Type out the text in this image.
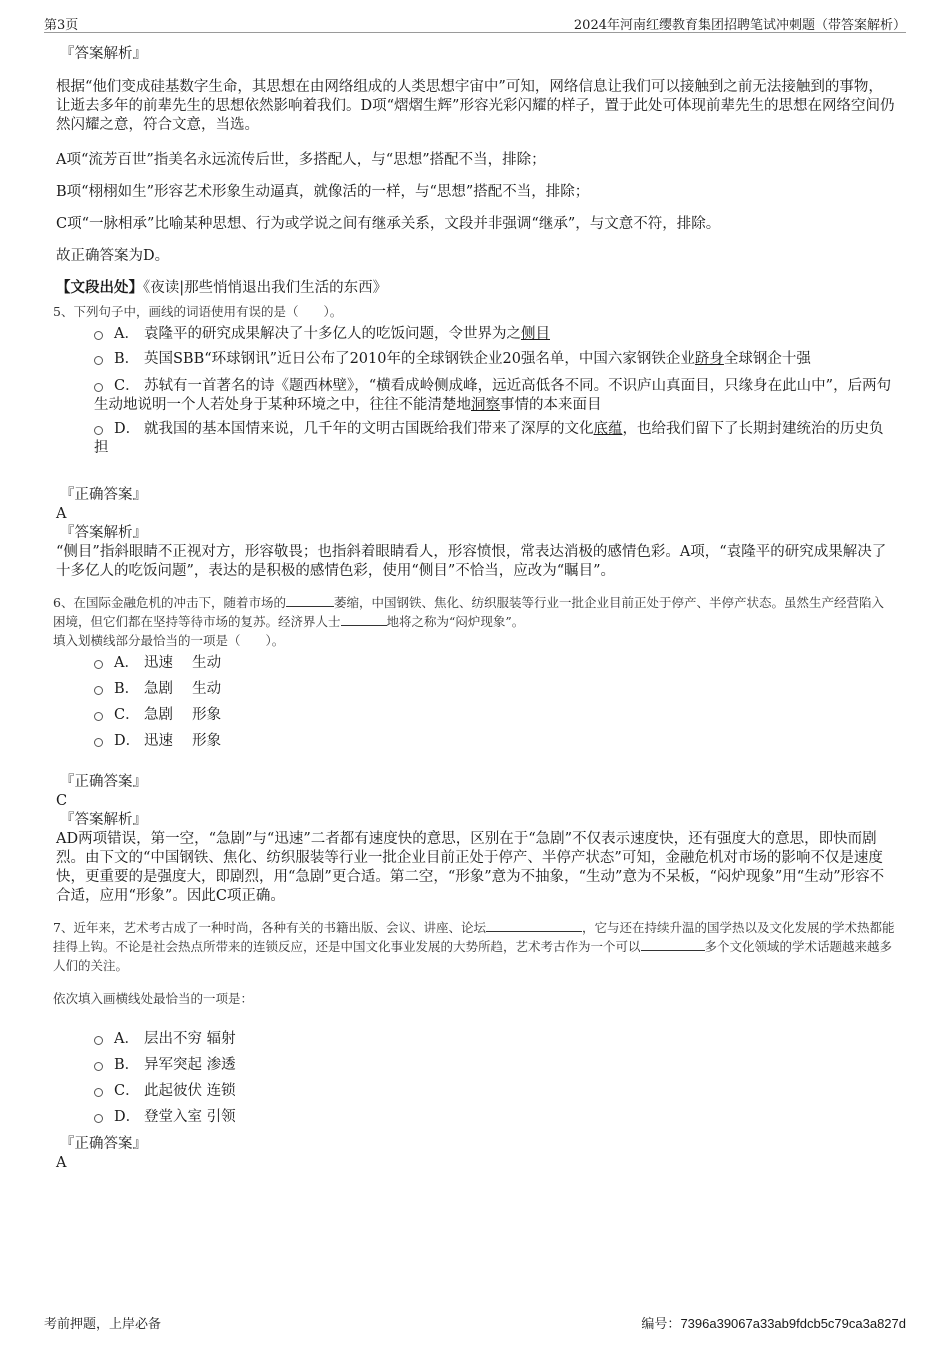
第3页	2024年河南红缨教育集团招聘笔试冲刺题（带答案解析）
『答案解析』
根据“他们变成硅基数字生命，其思想在由网络组成的人类思想宇宙中”可知，网络信息让我们可以接触到之前无法接触到的事物，让逝去多年的前辈先生的思想依然影响着我们。D项“熠熠生辉”形容光彩闪耀的样子，置于此处可体现前辈先生的思想在网络空间仍然闪耀之意，符合文意，当选。
A项“流芳百世”指美名永远流传后世，多搭配人，与“思想”搭配不当，排除；
B项“栩栩如生”形容艺术形象生动逼真，就像活的一样，与“思想”搭配不当，排除；
C项“一脉相承”比喻某种思想、行为或学说之间有继承关系，文段并非强调“继承”，与文意不符，排除。
故正确答案为D。
【文段出处】《夜读|那些悄悄退出我们生活的东西》
5、下列句子中，画线的词语使用有误的是（　　）。
A． 袁隆平的研究成果解决了十多亿人的吃饭问题，令世界为之侧目
B． 英国SBB“环球钢讯”近日公布了2010年的全球钢铁企业20强名单，中国六家钢铁企业跻身全球钢企十强
C． 苏轼有一首著名的诗《题西林壁》，“横看成岭侧成峰，远近高低各不同。不识庐山真面目，只缘身在此山中”，后两句生动地说明一个人若处身于某种环境之中，往往不能清楚地洞察事情的本来面目
D． 就我国的基本国情来说，几千年的文明古国既给我们带来了深厚的文化底蕴，也给我们留下了长期封建统治的历史负担
『正确答案』
A
『答案解析』
“侧目”指斜眼睛不正视对方，形容敬畏；也指斜着眼睛看人，形容愤恨，常表达消极的感情色彩。A项，“袁隆平的研究成果解决了十多亿人的吃饭问题”，表达的是积极的感情色彩，使用“侧目”不恰当，应改为“瞩目”。
6、在国际金融危机的冲击下，随着市场的	萎缩，中国钢铁、焦化、纺织服装等行业一批企业目前正处于停产、半停产状态。虽然生产经营陷入困境，但它们都在坚持等待市场的复苏。经济界人士	地将之称为“闷炉现象”。
填入划横线部分最恰当的一项是（　　）。
A． 迅速　 生动
B． 急剧　 生动
C． 急剧　 形象
D． 迅速　 形象
『正确答案』
C
『答案解析』
AD两项错误，第一空，“急剧”与“迅速”二者都有速度快的意思，区别在于“急剧”不仅表示速度快，还有强度大的意思，即快而剧烈。由下文的“中国钢铁、焦化、纺织服装等行业一批企业目前正处于停产、半停产状态”可知，金融危机对市场的影响不仅是速度快，更重要的是强度大，即剧烈，用“急剧”更合适。第二空，“形象”意为不抽象，“生动”意为不呆板，“闷炉现象”用“生动”形容不合适，应用“形象”。因此C项正确。
7、近年来，艺术考古成了一种时尚，各种有关的书籍出版、会议、讲座、论坛	，它与还在持续升温的国学热以及文化发展的学术热都能挂得上钩。不论是社会热点所带来的连锁反应，还是中国文化事业发展的大势所趋，艺术考古作为一个可以	多个文化领域的学术话题越来越多人们的关注。
依次填入画横线处最恰当的一项是：
A． 层出不穷 辐射
B． 异军突起 渗透
C． 此起彼伏 连锁
D． 登堂入室 引领
『正确答案』
A
考前押题，上岸必备	编号：7396a39067a33ab9fdcb5c79ca3a827d
